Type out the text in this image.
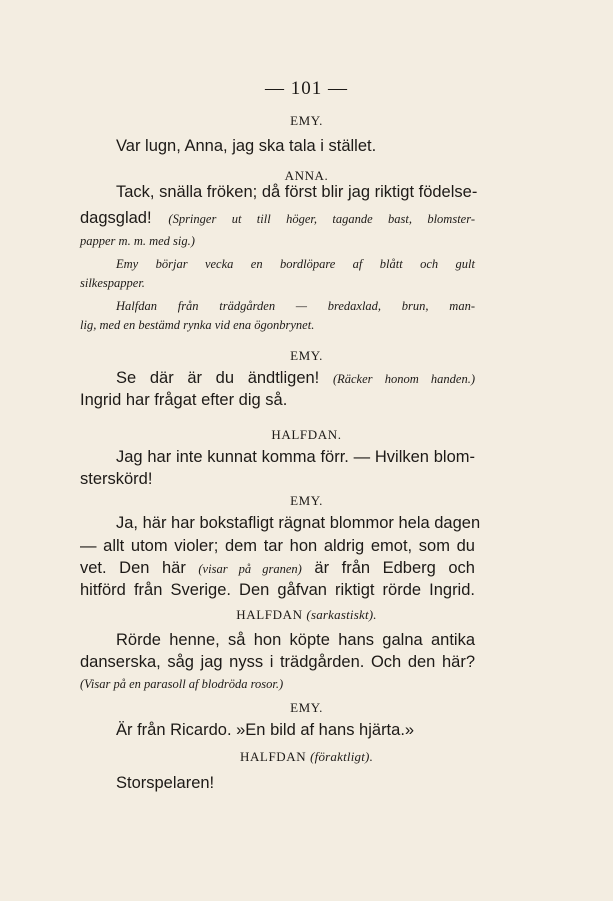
— 101 —
EMY.
Var lugn, Anna, jag ska tala i stället.
ANNA.
Tack, snälla fröken; då först blir jag riktigt födelse-
dagsglad! (Springer ut till höger, tagande bast, blomster-
papper m. m. med sig.)
Emy börjar vecka en bordlöpare af blått och gult
silkespapper.
Halfdan från trädgården — bredaxlad, brun, man-
lig, med en bestämd rynka vid ena ögonbrynet.
EMY.
Se där är du ändtligen! (Räcker honom handen.)
Ingrid har frågat efter dig så.
HALFDAN.
Jag har inte kunnat komma förr. — Hvilken blom-
sterskörd!
EMY.
Ja, här har bokstafligt rägnat blommor hela dagen
— allt utom violer; dem tar hon aldrig emot, som du
vet. Den här (visar på granen) är från Edberg och
hitförd från Sverige. Den gåfvan riktigt rörde Ingrid.
HALFDAN (sarkastiskt).
Rörde henne, så hon köpte hans galna antika
danserska, såg jag nyss i trädgården. Och den här?
(Visar på en parasoll af blodröda rosor.)
EMY.
Är från Ricardo. »En bild af hans hjärta.»
HALFDAN (föraktligt).
Storspelaren!
